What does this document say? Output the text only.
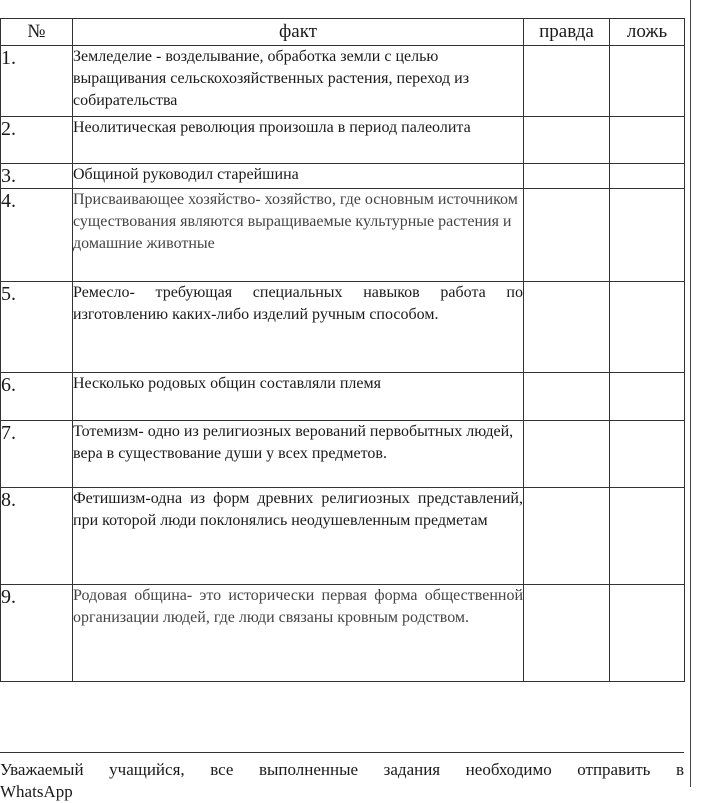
№	факт	правда	ложь
1.	Земледелие - возделывание, обработка земли с целью выращивания сельскохозяйственных растения, переход из собирательства		
2.	Неолитическая революция произошла в период палеолита		
3.	Общиной руководил старейшина		
4.	Присваивающее хозяйство- хозяйство, где основным источником существования являются выращиваемые культурные растения и домашние животные		
5.	Ремесло- требующая специальных навыков работа по изготовлению каких-либо изделий ручным способом.		
6.	Несколько родовых общин составляли племя		
7.	Тотемизм- одно из религиозных верований первобытных людей, вера в существование души у всех предметов.		
8.	Фетишизм-одна из форм древних религиозных представлений, при которой люди поклонялись неодушевленным предметам		
9.	Родовая община- это исторически первая форма общественной организации людей, где люди связаны кровным родством.		
Уважаемый учащийся, все выполненные задания необходимо отправить в
WhatsApp
